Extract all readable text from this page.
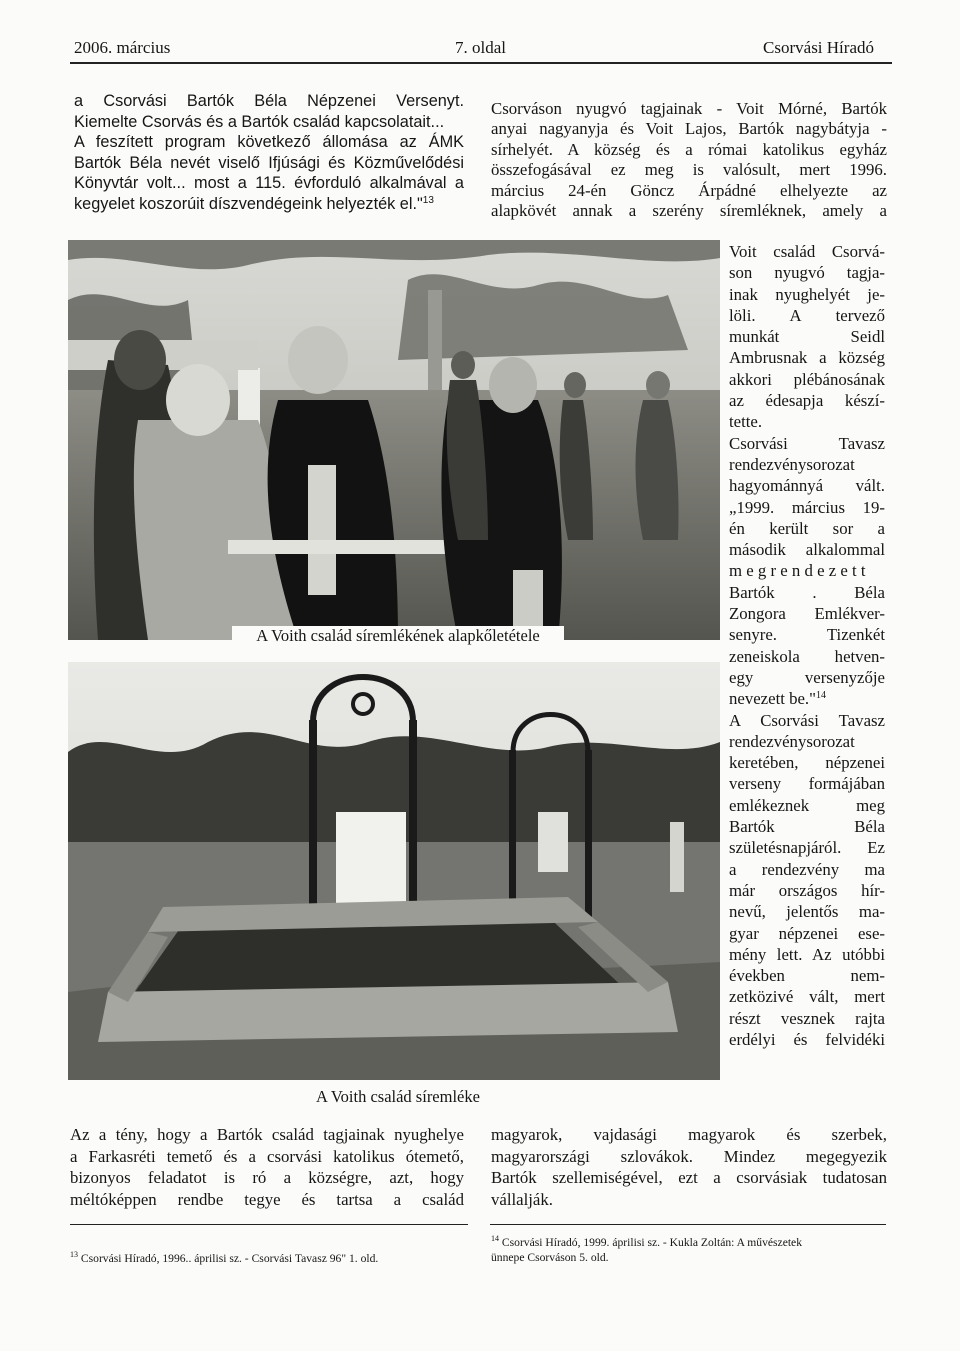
2006. március	7. oldal	Csorvási Híradó
a Csorvási Bartók Béla Népzenei Versenyt.
Kiemelte Csorvás és a Bartók család kapcsolatait...
A feszített program következő állomása az ÁMK
Bartók Béla nevét viselő Ifjúsági és Közművelődési
Könyvtár volt... most a 115. évforduló alkalmával a
kegyelet koszorúit díszvendégeink helyezték el."$^{13}$
Csorváson nyugvó tagjainak - Voit Mórné, Bartók
anyai nagyanyja és Voit Lajos, Bartók nagybátyja -
sírhelyét. A község és a római katolikus egyház
összefogásával ez meg is valósult, mert 1996.
március 24-én Göncz Árpádné elhelyezte az
alapkövét annak a szerény síremléknek, amely a
A Voith család síremlékének alapkőletétele
A Voith család síremléke

Voit család Csorvá-

son nyugvó tagja-

inak nyughelyét je-

löli. A tervező

munkát Seidl

Ambrusnak a község

akkori plébánosának

az édesapja készí-

tette.

Csorvási Tavasz

rendezvénysorozat

hagyománnyá vált.

„1999. március 19-

én került sor a

második alkalommal

megrendezett

Bartók . Béla

Zongora Emlékver-

senyre. Tizenkét

zeneiskola hetven-

egy versenyzője

nevezett be."$^{14}$

A Csorvási Tavasz

rendezvénysorozat

keretében, népzenei

verseny formájában

emlékeznek meg

Bartók Béla

születésnapjáról. Ez

a rendezvény ma

már országos hír-

nevű, jelentős ma-

gyar népzenei ese-

mény lett. Az utóbbi

években nem-

zetközivé vált, mert

részt vesznek rajta

erdélyi és felvidéki

Az a tény, hogy a Bartók család tagjainak nyughelye
a Farkasréti temető és a csorvási katolikus ótemető,
bizonyos feladatot is ró a községre, azt, hogy
méltóképpen rendbe tegye és tartsa a család
magyarok, vajdasági magyarok és szerbek,
magyarországi szlovákok. Mindez megegyezik
Bartók szellemiségével, ezt a csorvásiak tudatosan
vállalják.
$^{13}$ Csorvási Híradó, 1996.. áprilisi sz. - Csorvási Tavasz 96" 1. old.
$^{14}$ Csorvási Híradó, 1999. áprilisi sz. - Kukla Zoltán: A művészetek
ünnepe Csorváson 5. old.
